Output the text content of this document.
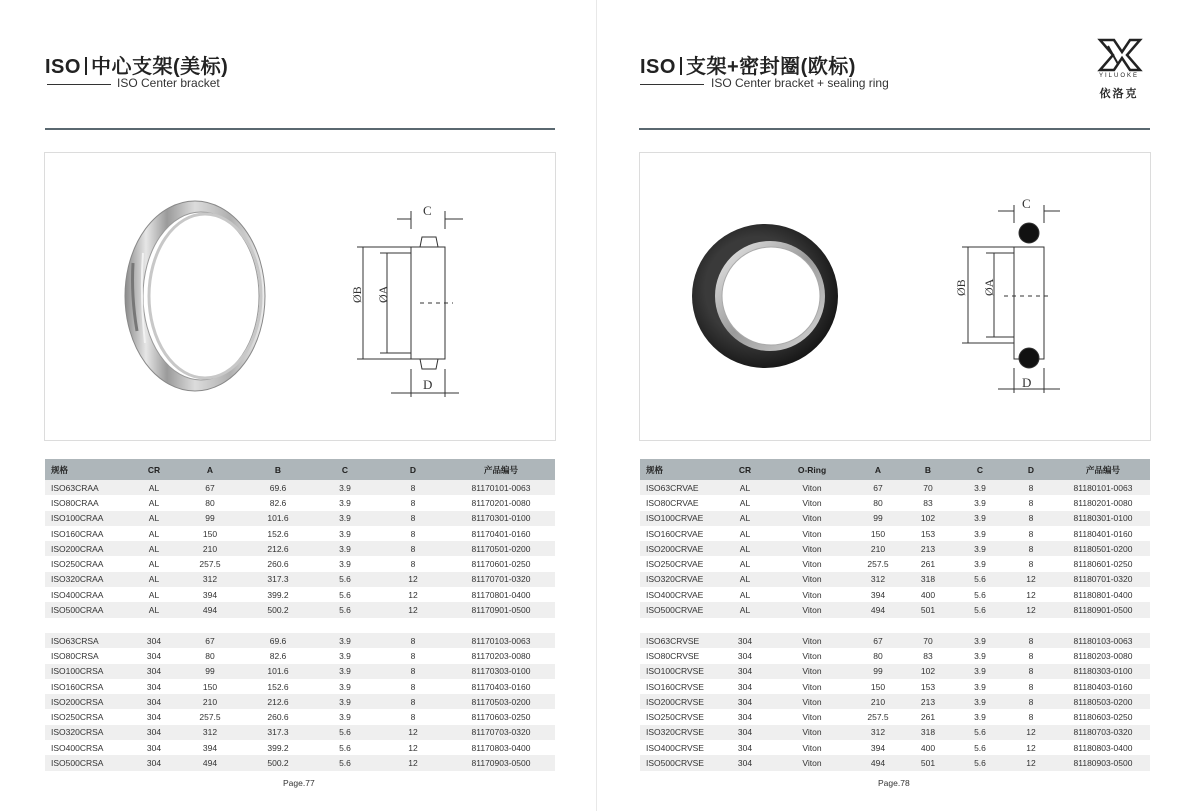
ISO 中心支架(美标)
ISO Center bracket
C
D
ØB ØA
规格	CR	A	B	C	D	产品编号
ISO63CRAA	AL	67	69.6	3.9	8	81170101-0063
ISO80CRAA	AL	80	82.6	3.9	8	81170201-0080
ISO100CRAA	AL	99	101.6	3.9	8	81170301-0100
ISO160CRAA	AL	150	152.6	3.9	8	81170401-0160
ISO200CRAA	AL	210	212.6	3.9	8	81170501-0200
ISO250CRAA	AL	257.5	260.6	3.9	8	81170601-0250
ISO320CRAA	AL	312	317.3	5.6	12	81170701-0320
ISO400CRAA	AL	394	399.2	5.6	12	81170801-0400
ISO500CRAA	AL	494	500.2	5.6	12	81170901-0500

ISO63CRSA	304	67	69.6	3.9	8	81170103-0063
ISO80CRSA	304	80	82.6	3.9	8	81170203-0080
ISO100CRSA	304	99	101.6	3.9	8	81170303-0100
ISO160CRSA	304	150	152.6	3.9	8	81170403-0160
ISO200CRSA	304	210	212.6	3.9	8	81170503-0200
ISO250CRSA	304	257.5	260.6	3.9	8	81170603-0250
ISO320CRSA	304	312	317.3	5.6	12	81170703-0320
ISO400CRSA	304	394	399.2	5.6	12	81170803-0400
ISO500CRSA	304	494	500.2	5.6	12	81170903-0500
Page.77
ISO 支架+密封圈(欧标)
ISO Center bracket + sealing ring
C
D
ØB ØA
规格	CR	O-Ring	A	B	C	D	产品编号
ISO63CRVAE	AL	Viton	67	70	3.9	8	81180101-0063
ISO80CRVAE	AL	Viton	80	83	3.9	8	81180201-0080
ISO100CRVAE	AL	Viton	99	102	3.9	8	81180301-0100
ISO160CRVAE	AL	Viton	150	153	3.9	8	81180401-0160
ISO200CRVAE	AL	Viton	210	213	3.9	8	81180501-0200
ISO250CRVAE	AL	Viton	257.5	261	3.9	8	81180601-0250
ISO320CRVAE	AL	Viton	312	318	5.6	12	81180701-0320
ISO400CRVAE	AL	Viton	394	400	5.6	12	81180801-0400
ISO500CRVAE	AL	Viton	494	501	5.6	12	81180901-0500

ISO63CRVSE	304	Viton	67	70	3.9	8	81180103-0063
ISO80CRVSE	304	Viton	80	83	3.9	8	81180203-0080
ISO100CRVSE	304	Viton	99	102	3.9	8	81180303-0100
ISO160CRVSE	304	Viton	150	153	3.9	8	81180403-0160
ISO200CRVSE	304	Viton	210	213	3.9	8	81180503-0200
ISO250CRVSE	304	Viton	257.5	261	3.9	8	81180603-0250
ISO320CRVSE	304	Viton	312	318	5.6	12	81180703-0320
ISO400CRVSE	304	Viton	394	400	5.6	12	81180803-0400
ISO500CRVSE	304	Viton	494	501	5.6	12	81180903-0500
Page.78
YILUOKE
依洛克
